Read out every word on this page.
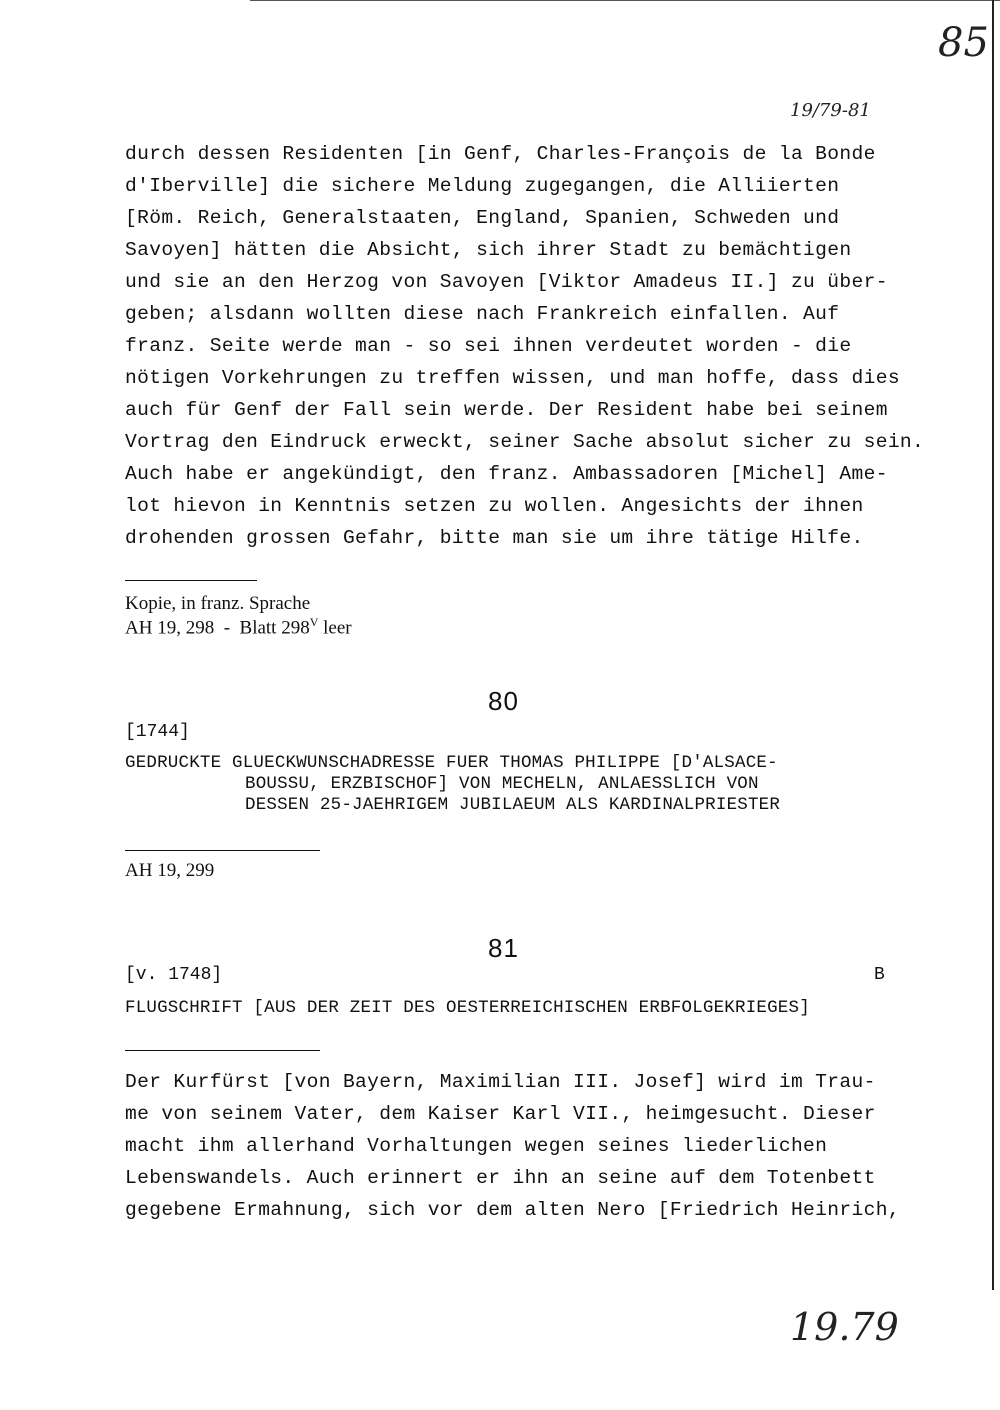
85
19/79-81
durch dessen Residenten [in Genf, Charles-François de la Bonde
d'Iberville] die sichere Meldung zugegangen, die Alliierten
[Röm. Reich, Generalstaaten, England, Spanien, Schweden und
Savoyen] hätten die Absicht, sich ihrer Stadt zu bemächtigen
und sie an den Herzog von Savoyen [Viktor Amadeus II.] zu über-
geben; alsdann wollten diese nach Frankreich einfallen. Auf
franz. Seite werde man - so sei ihnen verdeutet worden - die
nötigen Vorkehrungen zu treffen wissen, und man hoffe, dass dies
auch für Genf der Fall sein werde. Der Resident habe bei seinem
Vortrag den Eindruck erweckt, seiner Sache absolut sicher zu sein.
Auch habe er angekündigt, den franz. Ambassadoren [Michel] Ame-
lot hievon in Kenntnis setzen zu wollen. Angesichts der ihnen
drohenden grossen Gefahr, bitte man sie um ihre tätige Hilfe.
Kopie, in franz. Sprache
AH 19, 298  -  Blatt $298^V$ leer
80
[1744]
GEDRUCKTE GLUECKWUNSCHADRESSE FUER THOMAS PHILIPPE [D'ALSACE-
BOUSSU, ERZBISCHOF] VON MECHELN, ANLAESSLICH VON
DESSEN 25-JAEHRIGEM JUBILAEUM ALS KARDINALPRIESTER
AH 19, 299
81
[v. 1748]	B
FLUGSCHRIFT [AUS DER ZEIT DES OESTERREICHISCHEN ERBFOLGEKRIEGES]
Der Kurfürst [von Bayern, Maximilian III. Josef] wird im Trau-
me von seinem Vater, dem Kaiser Karl VII., heimgesucht. Dieser
macht ihm allerhand Vorhaltungen wegen seines liederlichen
Lebenswandels. Auch erinnert er ihn an seine auf dem Totenbett
gegebene Ermahnung, sich vor dem alten Nero [Friedrich Heinrich,
19.79
